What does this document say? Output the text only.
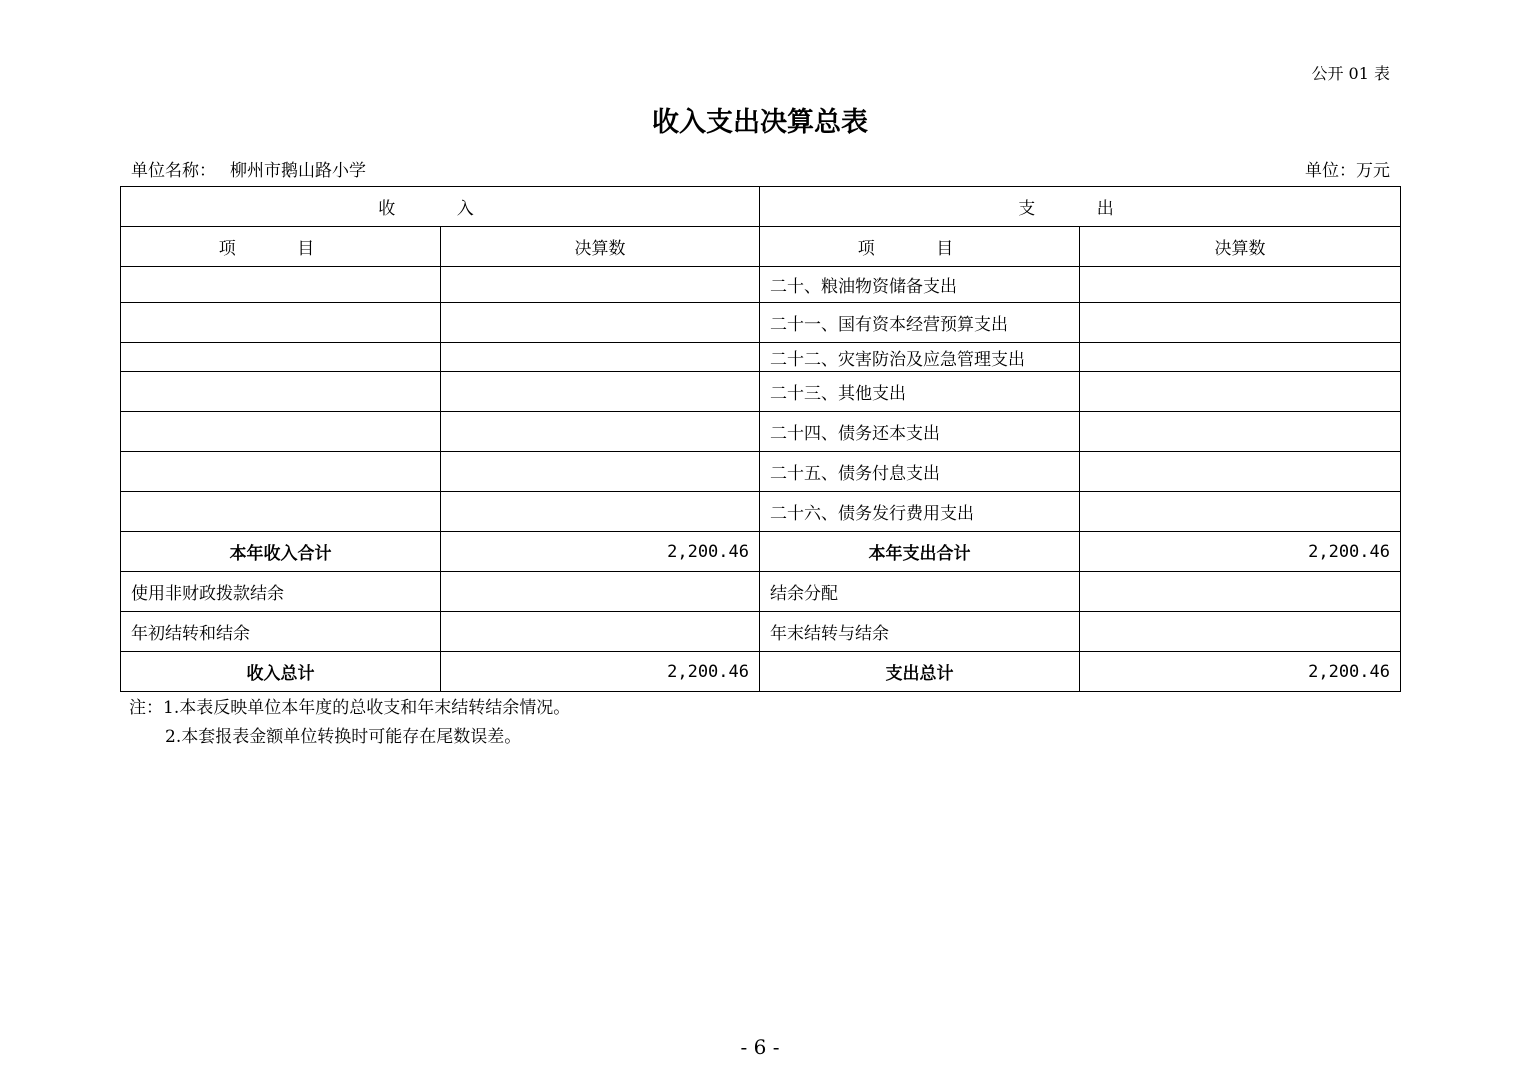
公开 01 表
收入支出决算总表
单位名称： 柳州市鹅山路小学	单位：万元
收 入		支 出	
项 目	决算数	项 目	决算数
		二十、粮油物资储备支出	
		二十一、国有资本经营预算支出	
		二十二、灾害防治及应急管理支出	
		二十三、其他支出	
		二十四、债务还本支出	
		二十五、债务付息支出	
		二十六、债务发行费用支出	
本年收入合计	2,200.46	本年支出合计	2,200.46
使用非财政拨款结余		结余分配	
年初结转和结余		年末结转与结余	
收入总计	2,200.46	支出总计	2,200.46
注：1.本表反映单位本年度的总收支和年末结转结余情况。
2.本套报表金额单位转换时可能存在尾数误差。
- 6 -
